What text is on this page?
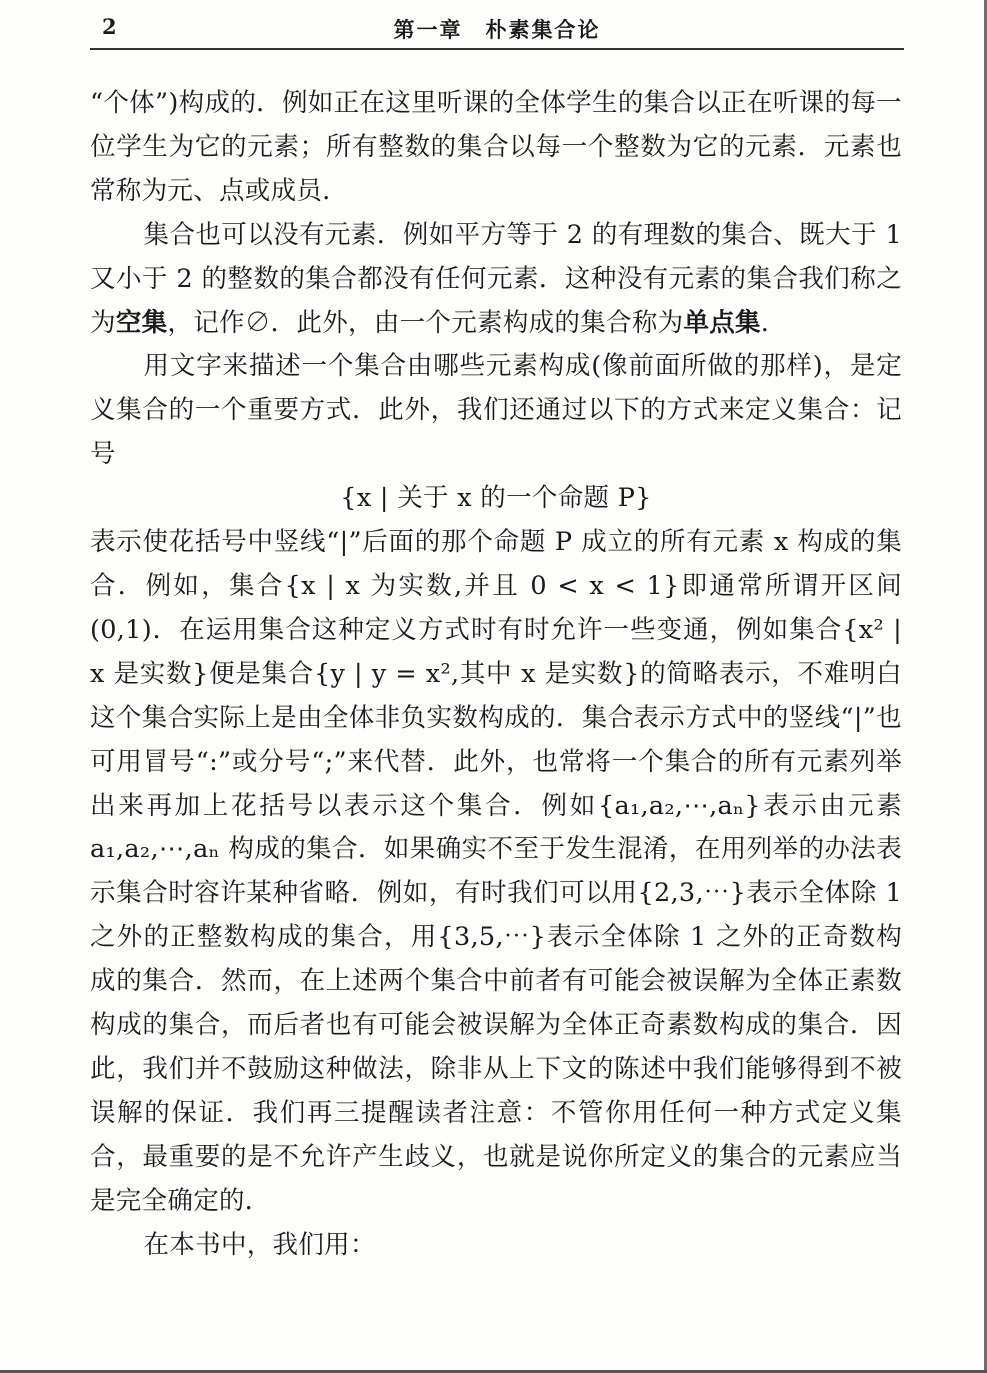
2	第一章　朴素集合论

“个体”)构成的．例如正在这里听课的全体学生的集合以正在听课的每一位学生为它的元素；所有整数的集合以每一个整数为它的元素．元素也常称为元、点或成员．

集合也可以没有元素．例如平方等于 2 的有理数的集合、既大于 1 又小于 2 的整数的集合都没有任何元素．这种没有元素的集合我们称之为空集，记作∅．此外，由一个元素构成的集合称为单点集．

用文字来描述一个集合由哪些元素构成(像前面所做的那样)，是定义集合的一个重要方式．此外，我们还通过以下的方式来定义集合：记号

{x | 关于 x 的一个命题 P}

表示使花括号中竖线“|”后面的那个命题 P 成立的所有元素 x 构成的集合．例如，集合{x | x 为实数,并且 0 < x < 1}即通常所谓开区间(0,1)．在运用集合这种定义方式时有时允许一些变通，例如集合{x² | x 是实数}便是集合{y | y = x²,其中 x 是实数}的简略表示，不难明白这个集合实际上是由全体非负实数构成的．集合表示方式中的竖线“|”也可用冒号“:”或分号“;”来代替．此外，也常将一个集合的所有元素列举出来再加上花括号以表示这个集合．例如{a₁,a₂,⋯,aₙ}表示由元素 a₁,a₂,⋯,aₙ 构成的集合．如果确实不至于发生混淆，在用列举的办法表示集合时容许某种省略．例如，有时我们可以用{2,3,⋯}表示全体除 1 之外的正整数构成的集合，用{3,5,⋯}表示全体除 1 之外的正奇数构成的集合．然而，在上述两个集合中前者有可能会被误解为全体正素数构成的集合，而后者也有可能会被误解为全体正奇素数构成的集合．因此，我们并不鼓励这种做法，除非从上下文的陈述中我们能够得到不被误解的保证．我们再三提醒读者注意：不管你用任何一种方式定义集合，最重要的是不允许产生歧义，也就是说你所定义的集合的元素应当是完全确定的．

在本书中，我们用：
